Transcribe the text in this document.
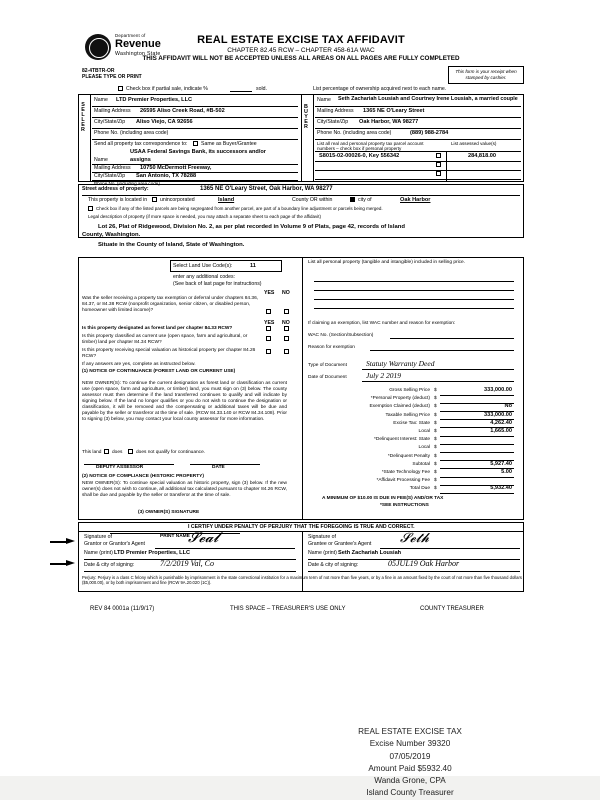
Department of
Revenue
Washington State
REAL ESTATE EXCISE TAX AFFIDAVIT
CHAPTER 82.45 RCW – CHAPTER 458-61A WAC
THIS AFFIDAVIT WILL NOT BE ACCEPTED UNLESS ALL AREAS ON ALL PAGES ARE FULLY COMPLETED
82-4TBTR-OR
PLEASE TYPE OR PRINT
This form is your receipt when stamped by cashier.
Check box if partial sale, indicate %	sold.	List percentage of ownership acquired next to each name.
SELLER	BUYER
Name LTD Premier Properties, LLC
Mailing Address 26595 Aliso Creek Road, #B-502
City/State/Zip Aliso Viejo, CA 92656
Phone No. (including area code)
Name Seth Zachariah Lousiah and Courtney Irene Lousiah, a married couple
Mailing Address 1365 NE O'Leary Street
City/State/Zip Oak Harbor, WA 98277
Phone No. (including area code)	(889) 988-2784
Send all property tax correspondence to:	Same as Buyer/Grantee
USAA Federal Savings Bank, its successors and/or
Name	assigns
Mailing Address 10750 McDermott Freeway,
City/State/Zip San Antonio, TX 78288
Phone No. (including area code)
List all real and personal property tax parcel account
numbers – check box if personal property
List assessed value(s)
S8015-02-00026-0, Key 556342	284,818.00
Street address of property:	1365 NE O'Leary Street, Oak Harbor, WA 98277
This property is located in unincorporated	Island	County OR within	city of	Oak Harbor
Check box if any of the listed parcels are being segregated from another parcel, are part of a boundary line adjustment or parcels being merged.
Legal description of property (if more space is needed, you may attach a separate sheet to each page of the affidavit)
Lot 26, Plat of Ridgewood, Division No. 2, as per plat recorded in Volume 9 of Plats, page 42, records of Island
County, Washington.
Situate in the County of Island, State of Washington.
Select Land Use Code(s):	11
enter any additional codes:
(See back of last page for instructions)
YES NO
Was the seller receiving a property tax exemption or deferral under chapters 84.36, 84.37, or 84.38 RCW (nonprofit organization, senior citizen, or disabled person, homeowner with limited income)?
YES NO
Is this property designated as forest land per chapter 84.33 RCW?
Is this property classified as current use (open space, farm and agricultural, or timber) land per chapter 84.34 RCW?
Is this property receiving special valuation as historical property per chapter 84.26 RCW?
If any answers are yes, complete as instructed below.
(1) NOTICE OF CONTINUANCE (FOREST LAND OR CURRENT USE)
NEW OWNER(S): To continue the current designation as forest land or classification as current use (open space, farm and agriculture, or timber) land, you must sign on (3) below. The county assessor must then determine if the land transferred continues to qualify and will indicate by signing below. If the land no longer qualifies or you do not wish to continue the designation or classification, it will be removed and the compensating or additional taxes will be due and payable by the seller or transferor at the time of sale. (RCW 84.33.140 or RCW 84.34.108). Prior to signing (3) below, you may contact your local county assessor for more information.
This land does	does not qualify for continuance.
DEPUTY ASSESSOR	DATE
(2) NOTICE OF COMPLIANCE (HISTORIC PROPERTY)
NEW OWNER(S): To continue special valuation as historic property, sign (3) below. If the new owner(s) does not wish to continue, all additional tax calculated pursuant to chapter 84.26 RCW, shall be due and payable by the seller or transferor at the time of sale.
(3) OWNER(S) SIGNATURE
PRINT NAME
List all personal property (tangible and intangible) included in selling price.
If claiming an exemption, list WAC number and reason for exemption:
WAC No. (Section/Subsection)
Reason for exemption
Type of Document	Statuty Warranty Deed
Date of Document	July 2 2019
Gross Selling Price $	333,000.00
*Personal Property (deduct) $
Exemption Claimed (deduct) $	No
Taxable Selling Price $	333,000.00
Excise Tax: State $	4,262.40
Local $	1,665.00
*Delinquent Interest: State $
Local $
*Delinquent Penalty $
Subtotal $	5,927.40
*State Technology Fee $	5.00
*Affidavit Processing Fee $
Total Due $	5,932.40
A MINIMUM OF $10.00 IS DUE IN FEE(S) AND/OR TAX
*SEE INSTRUCTIONS
I CERTIFY UNDER PENALTY OF PERJURY THAT THE FOREGOING IS TRUE AND CORRECT.
Signature of
Grantor or Grantor's Agent	𝓢𝓮𝓪𝓵	Signature of
Grantee or Grantee's Agent 𝓢𝓮𝓽𝓱
Name (print) LTD Premier Properties, LLC	Name (print) Seth Zachariah Lousiah
Date & city of signing:	7/2/2019 Val, Co	Date & city of signing:	05JUL19 Oak Harbor
Perjury: Perjury is a class C felony which is punishable by imprisonment in the state correctional institution for a maximum term of not more than five years, or by a fine in an amount fixed by the court of not more than five thousand dollars ($5,000.00), or by both imprisonment and fine (RCW 9A.20.020 (1C)).
REV 84 0001a (11/9/17)	THIS SPACE – TREASURER'S USE ONLY	COUNTY TREASURER
REAL ESTATE EXCISE TAX
Excise Number 39320
07/05/2019
Amount Paid $5932.40
Wanda Grone, CPA
Island County Treasurer
